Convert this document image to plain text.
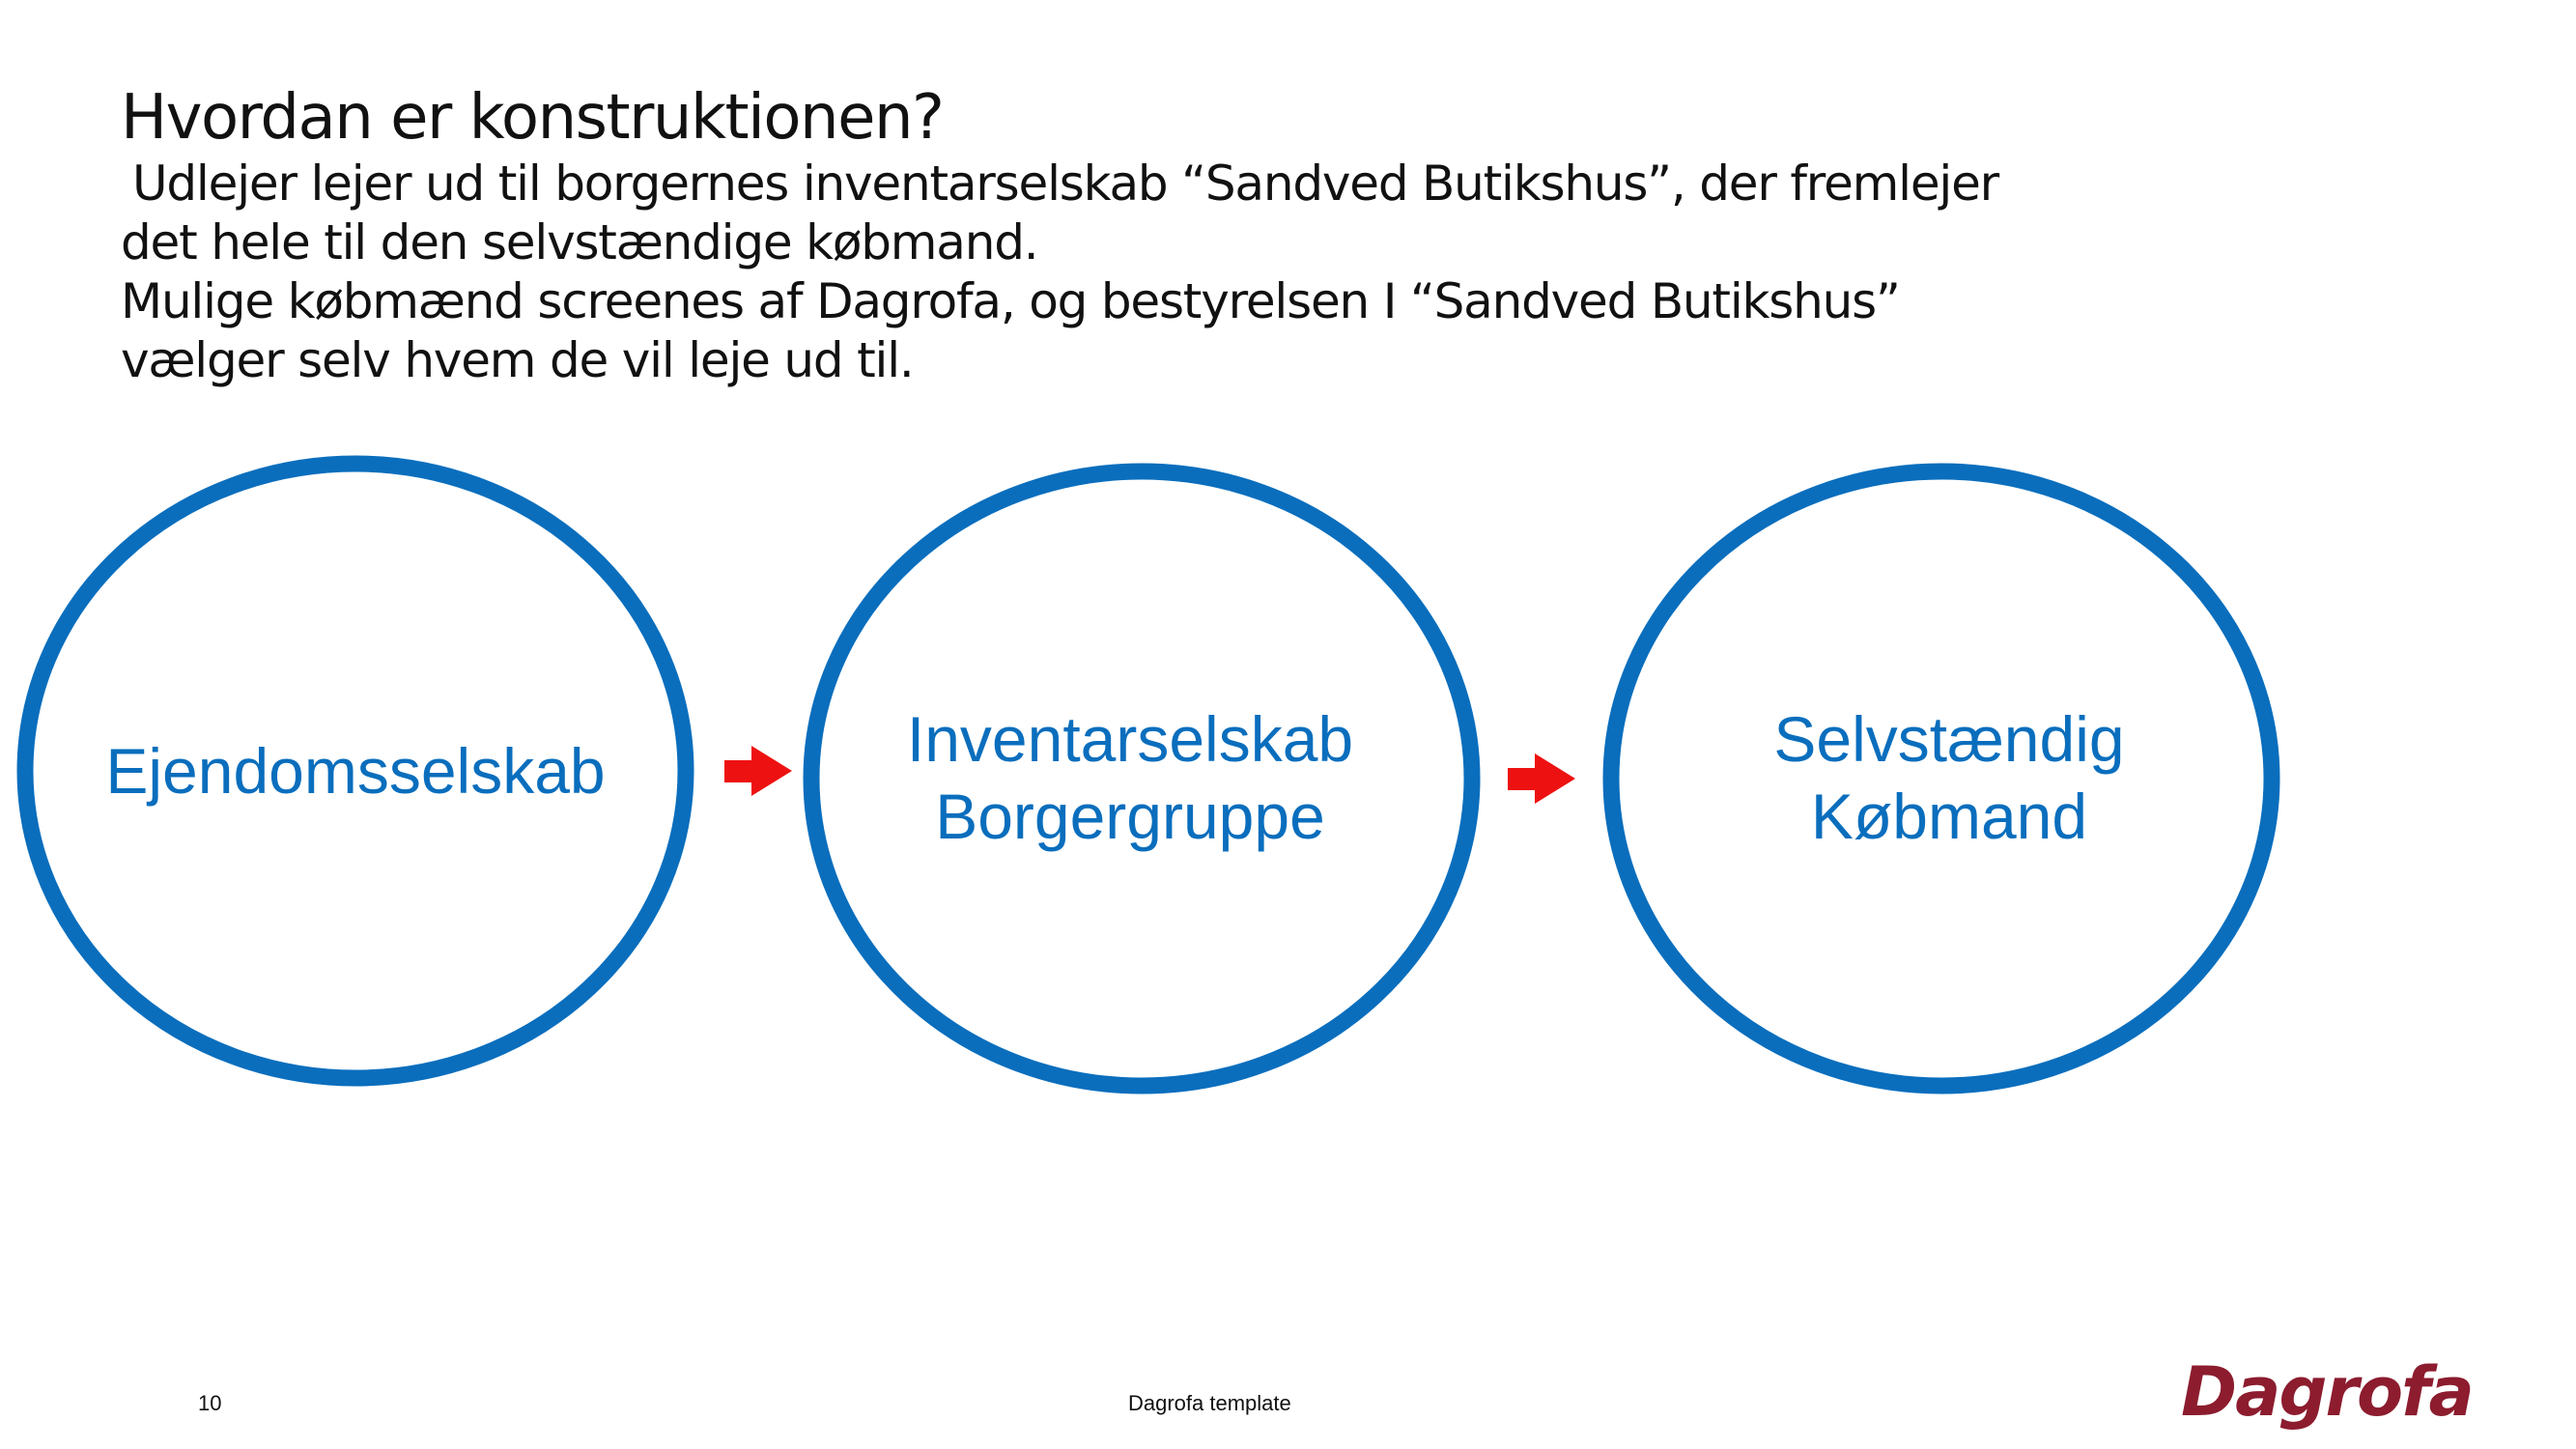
Hvordan er konstruktionen?
Udlejer lejer ud til borgernes inventarselskab “Sandved Butikshus”, der fremlejer
det hele til den selvstændige købmand.
Mulige købmænd screenes af Dagrofa, og bestyrelsen I “Sandved Butikshus”
vælger selv hvem de vil leje ud til.
Ejendomsselskab	Inventarselskab
Borgergruppe
Selvstændig
Købmand
10	Dagrofa template	Dagrofa
